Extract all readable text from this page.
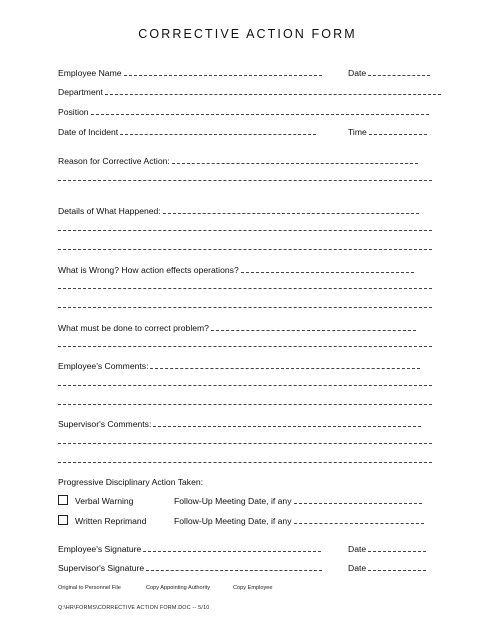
CORRECTIVE ACTION FORM
Employee Name	Date
Department
Position
Date of Incident	Time
Reason for Corrective Action:
Details of What Happened:
What is Wrong? How action effects operations?
What must be done to correct problem?
Employee's Comments:
Supervisor's Comments:
Progressive Disciplinary Action Taken:
Verbal Warning	Follow-Up Meeting Date, if any
Written Reprimand	Follow-Up Meeting Date, if any
Employee's Signature	Date
Supervisor's Signature	Date
Original to Personnel File	Copy Appointing Authority	Copy Employee
Q:\HR\FORMS\CORRECTIVE ACTION FORM.DOC -- 5/10
